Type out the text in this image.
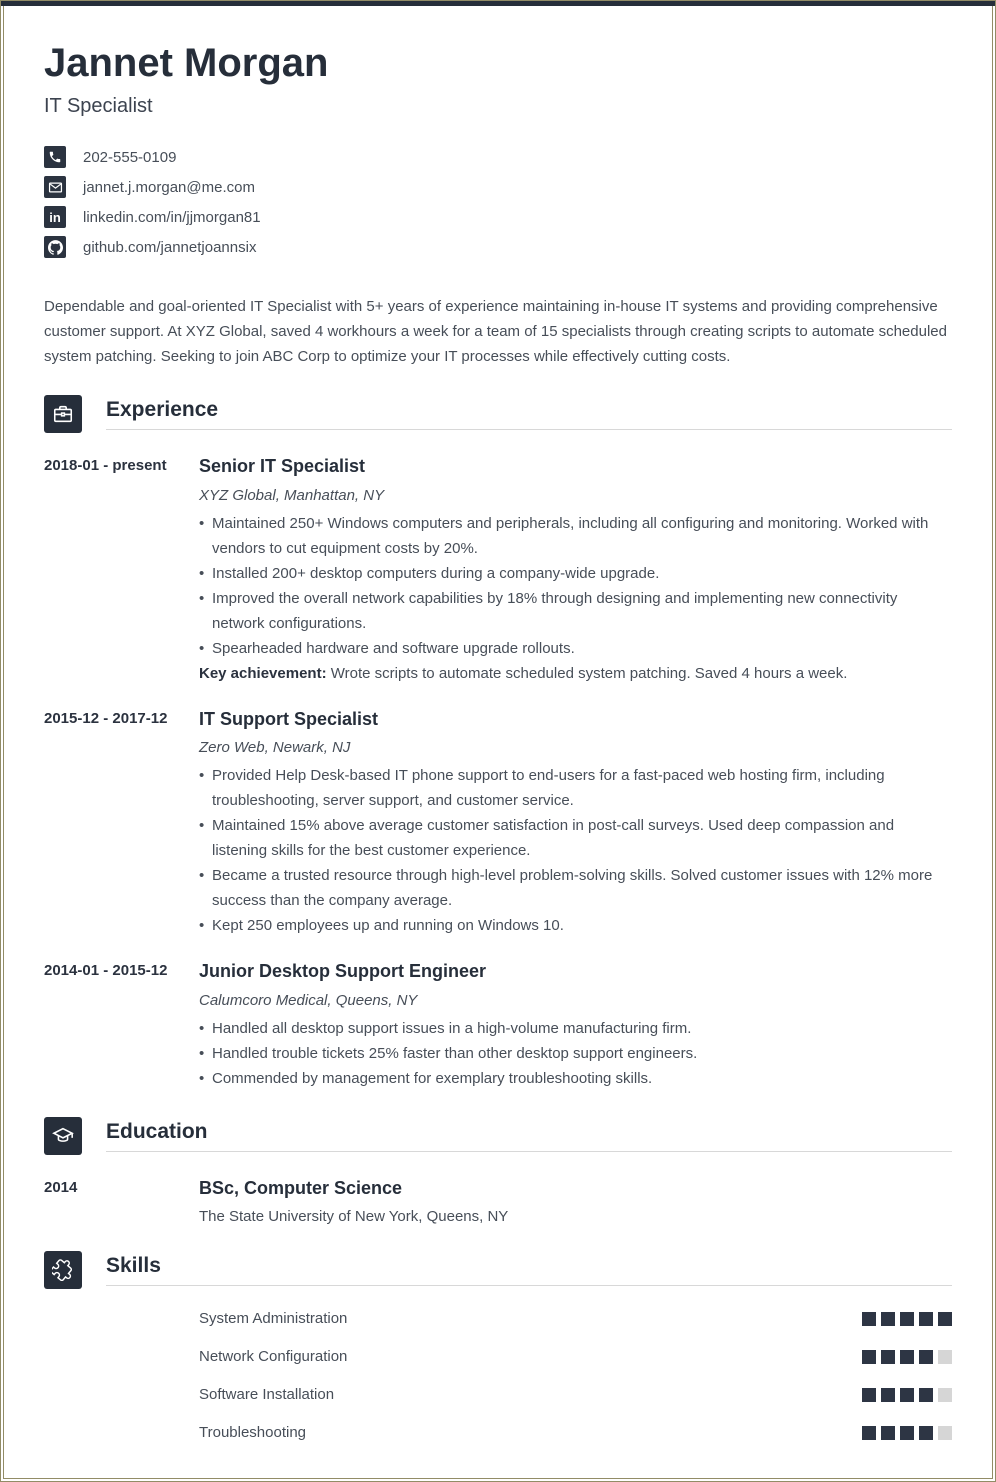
Jannet Morgan
IT Specialist
202-555-0109
jannet.j.morgan@me.com
in linkedin.com/in/jjmorgan81
github.com/jannetjoannsix

Dependable and goal-oriented IT Specialist with 5+ years of experience maintaining in-house IT systems and providing comprehensive customer support. At XYZ Global, saved 4 workhours a week for a team of 15 specialists through creating scripts to automate scheduled system patching. Seeking to join ABC Corp to optimize your IT processes while effectively cutting costs.

Experience
2018-01 - present	Senior IT Specialist
XYZ Global, Manhattan, NY
• Maintained 250+ Windows computers and peripherals, including all configuring and monitoring. Worked with vendors to cut equipment costs by 20%.
• Installed 200+ desktop computers during a company-wide upgrade.
• Improved the overall network capabilities by 18% through designing and implementing new connectivity network configurations.
• Spearheaded hardware and software upgrade rollouts.

Key achievement: Wrote scripts to automate scheduled system patching. Saved 4 hours a week.

2015-12 - 2017-12	IT Support Specialist
Zero Web, Newark, NJ
• Provided Help Desk-based IT phone support to end-users for a fast-paced web hosting firm, including troubleshooting, server support, and customer service.
• Maintained 15% above average customer satisfaction in post-call surveys. Used deep compassion and listening skills for the best customer experience.
• Became a trusted resource through high-level problem-solving skills. Solved customer issues with 12% more success than the company average.
• Kept 250 employees up and running on Windows 10.
2014-01 - 2015-12	Junior Desktop Support Engineer
Calumcoro Medical, Queens, NY
• Handled all desktop support issues in a high-volume manufacturing firm.
• Handled trouble tickets 25% faster than other desktop support engineers.
• Commended by management for exemplary troubleshooting skills.
Education
2014	BSc, Computer Science
The State University of New York, Queens, NY
Skills
System Administration
Network Configuration
Software Installation
Troubleshooting
